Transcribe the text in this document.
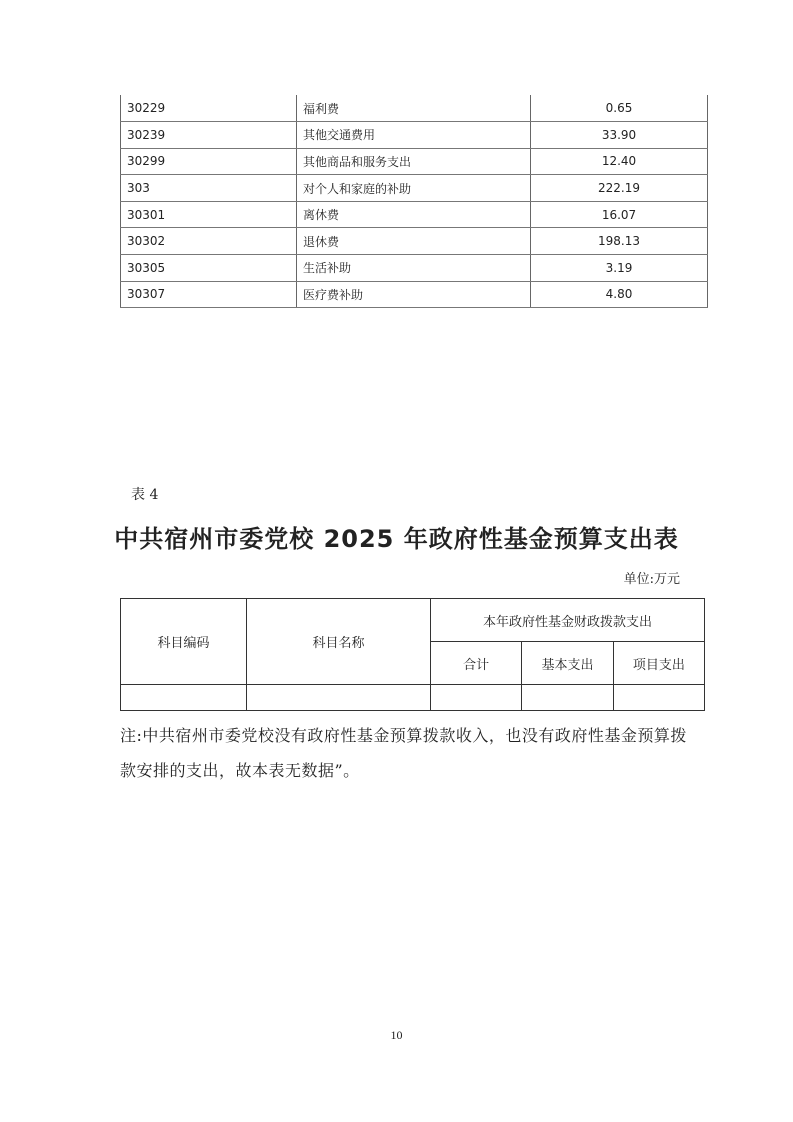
30229	福利费	0.65
30239	其他交通费用	33.90
30299	其他商品和服务支出	12.40
303	对个人和家庭的补助	222.19
30301	离休费	16.07
30302	退休费	198.13
30305	生活补助	3.19
30307	医疗费补助	4.80
表 4
中共宿州市委党校 2025 年政府性基金预算支出表
单位:万元
科目编码	科目名称	本年政府性基金财政拨款支出		
		合计	基本支出	项目支出

注:中共宿州市委党校没有政府性基金预算拨款收入，也没有政府性基金预算拨款安排的支出，故本表无数据”。
10
